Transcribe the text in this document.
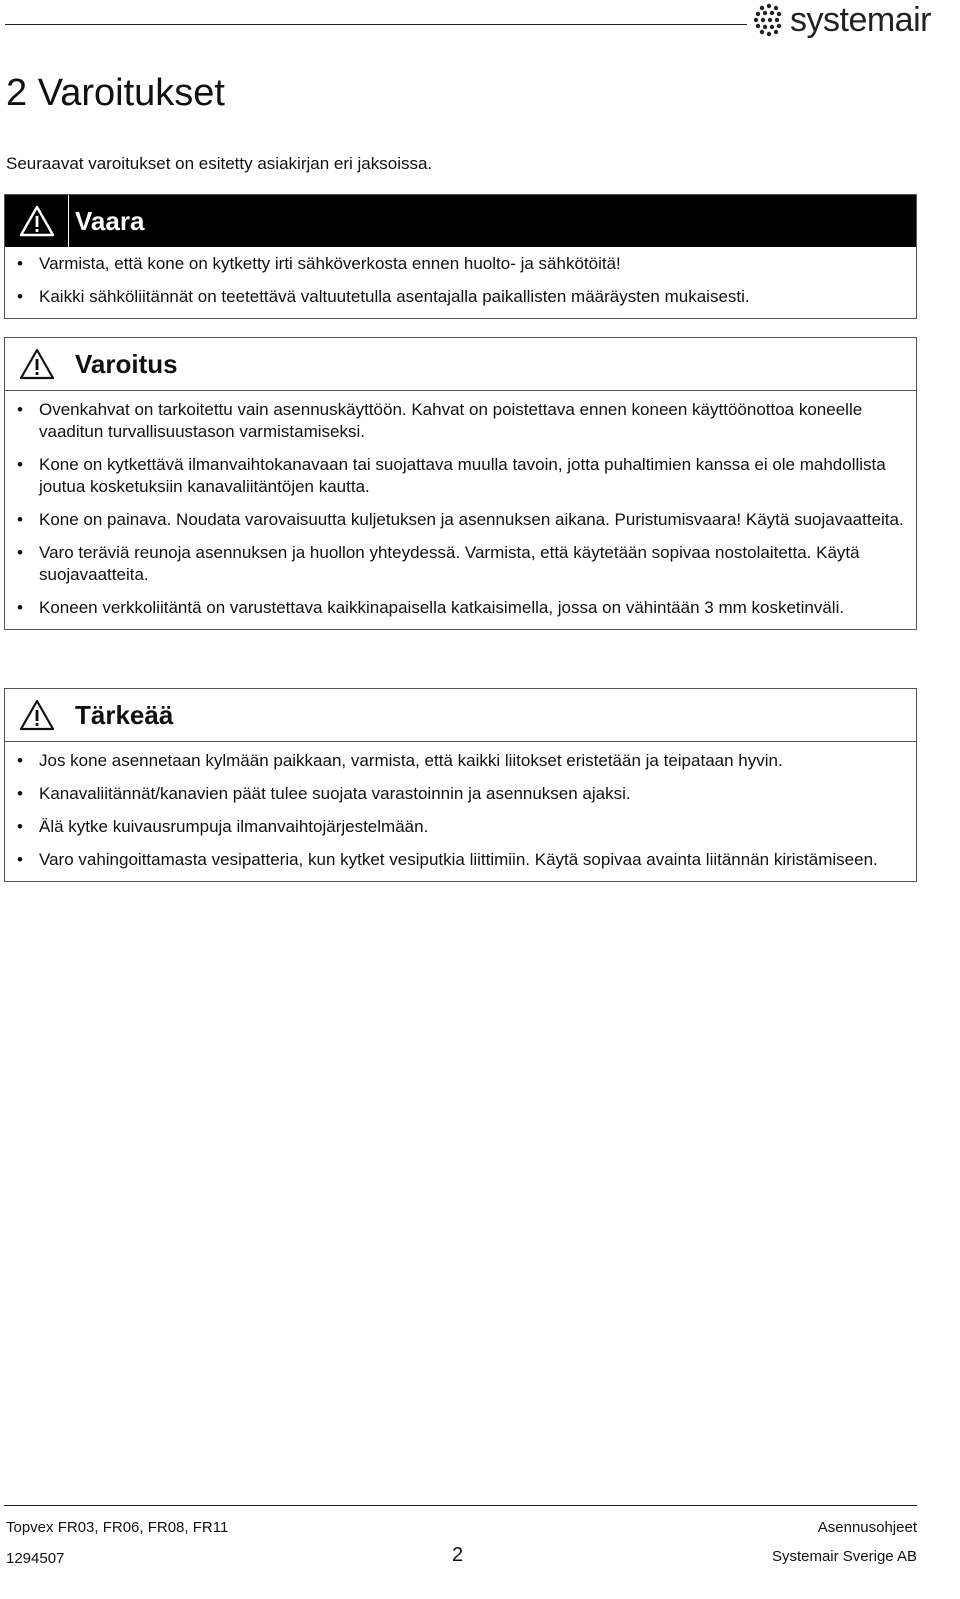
systemair
2 Varoitukset
Seuraavat varoitukset on esitetty asiakirjan eri jaksoissa.
Vaara
• Varmista, että kone on kytketty irti sähköverkosta ennen huolto- ja sähkötöitä!
• Kaikki sähköliitännät on teetettävä valtuutetulla asentajalla paikallisten määräysten mukaisesti.
Varoitus
• Ovenkahvat on tarkoitettu vain asennuskäyttöön. Kahvat on poistettava ennen koneen käyttöönottoa koneelle vaaditun turvallisuustason varmistamiseksi.
• Kone on kytkettävä ilmanvaihtokanavaan tai suojattava muulla tavoin, jotta puhaltimien kanssa ei ole mahdollista joutua kosketuksiin kanavaliitäntöjen kautta.
• Kone on painava. Noudata varovaisuutta kuljetuksen ja asennuksen aikana. Puristumisvaara! Käytä suojavaatteita.
• Varo teräviä reunoja asennuksen ja huollon yhteydessä. Varmista, että käytetään sopivaa nostolaitetta. Käytä suojavaatteita.
• Koneen verkkoliitäntä on varustettava kaikkinapaisella katkaisimella, jossa on vähintään 3 mm kosketinväli.
Tärkeää
• Jos kone asennetaan kylmään paikkaan, varmista, että kaikki liitokset eristetään ja teipataan hyvin.
• Kanavaliitännät/kanavien päät tulee suojata varastoinnin ja asennuksen ajaksi.
• Älä kytke kuivausrumpuja ilmanvaihtojärjestelmään.
• Varo vahingoittamasta vesipatteria, kun kytket vesiputkia liittimiin. Käytä sopivaa avainta liitännän kiristämiseen.
Topvex FR03, FR06, FR08, FR11	Asennusohjeet
1294507	2	Systemair Sverige AB
